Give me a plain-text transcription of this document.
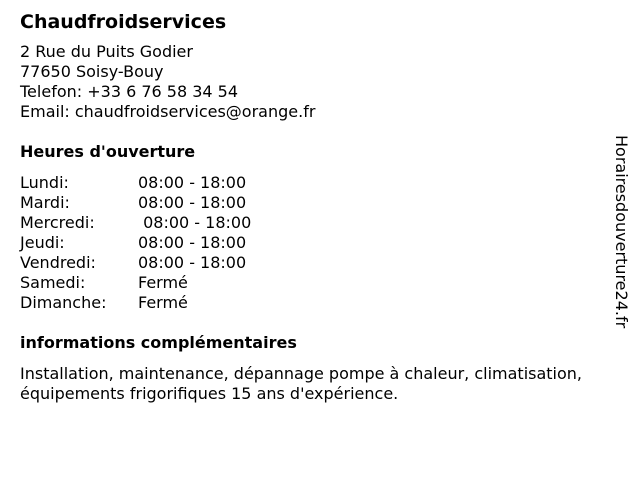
Chaudfroidservices
2 Rue du Puits Godier
77650 Soisy-Bouy
Telefon: +33 6 76 58 34 54
Email: chaudfroidservices@orange.fr
Heures d'ouverture
Lundi:	08:00 - 18:00
Mardi:	08:00 - 18:00
Mercredi:	08:00 - 18:00
Jeudi:	08:00 - 18:00
Vendredi:	08:00 - 18:00
Samedi:	Fermé
Dimanche:	Fermé
informations complémentaires
Installation, maintenance, dépannage pompe à chaleur, climatisation, équipements frigorifiques 15 ans d'expérience.
Horairesdouverture24.fr
